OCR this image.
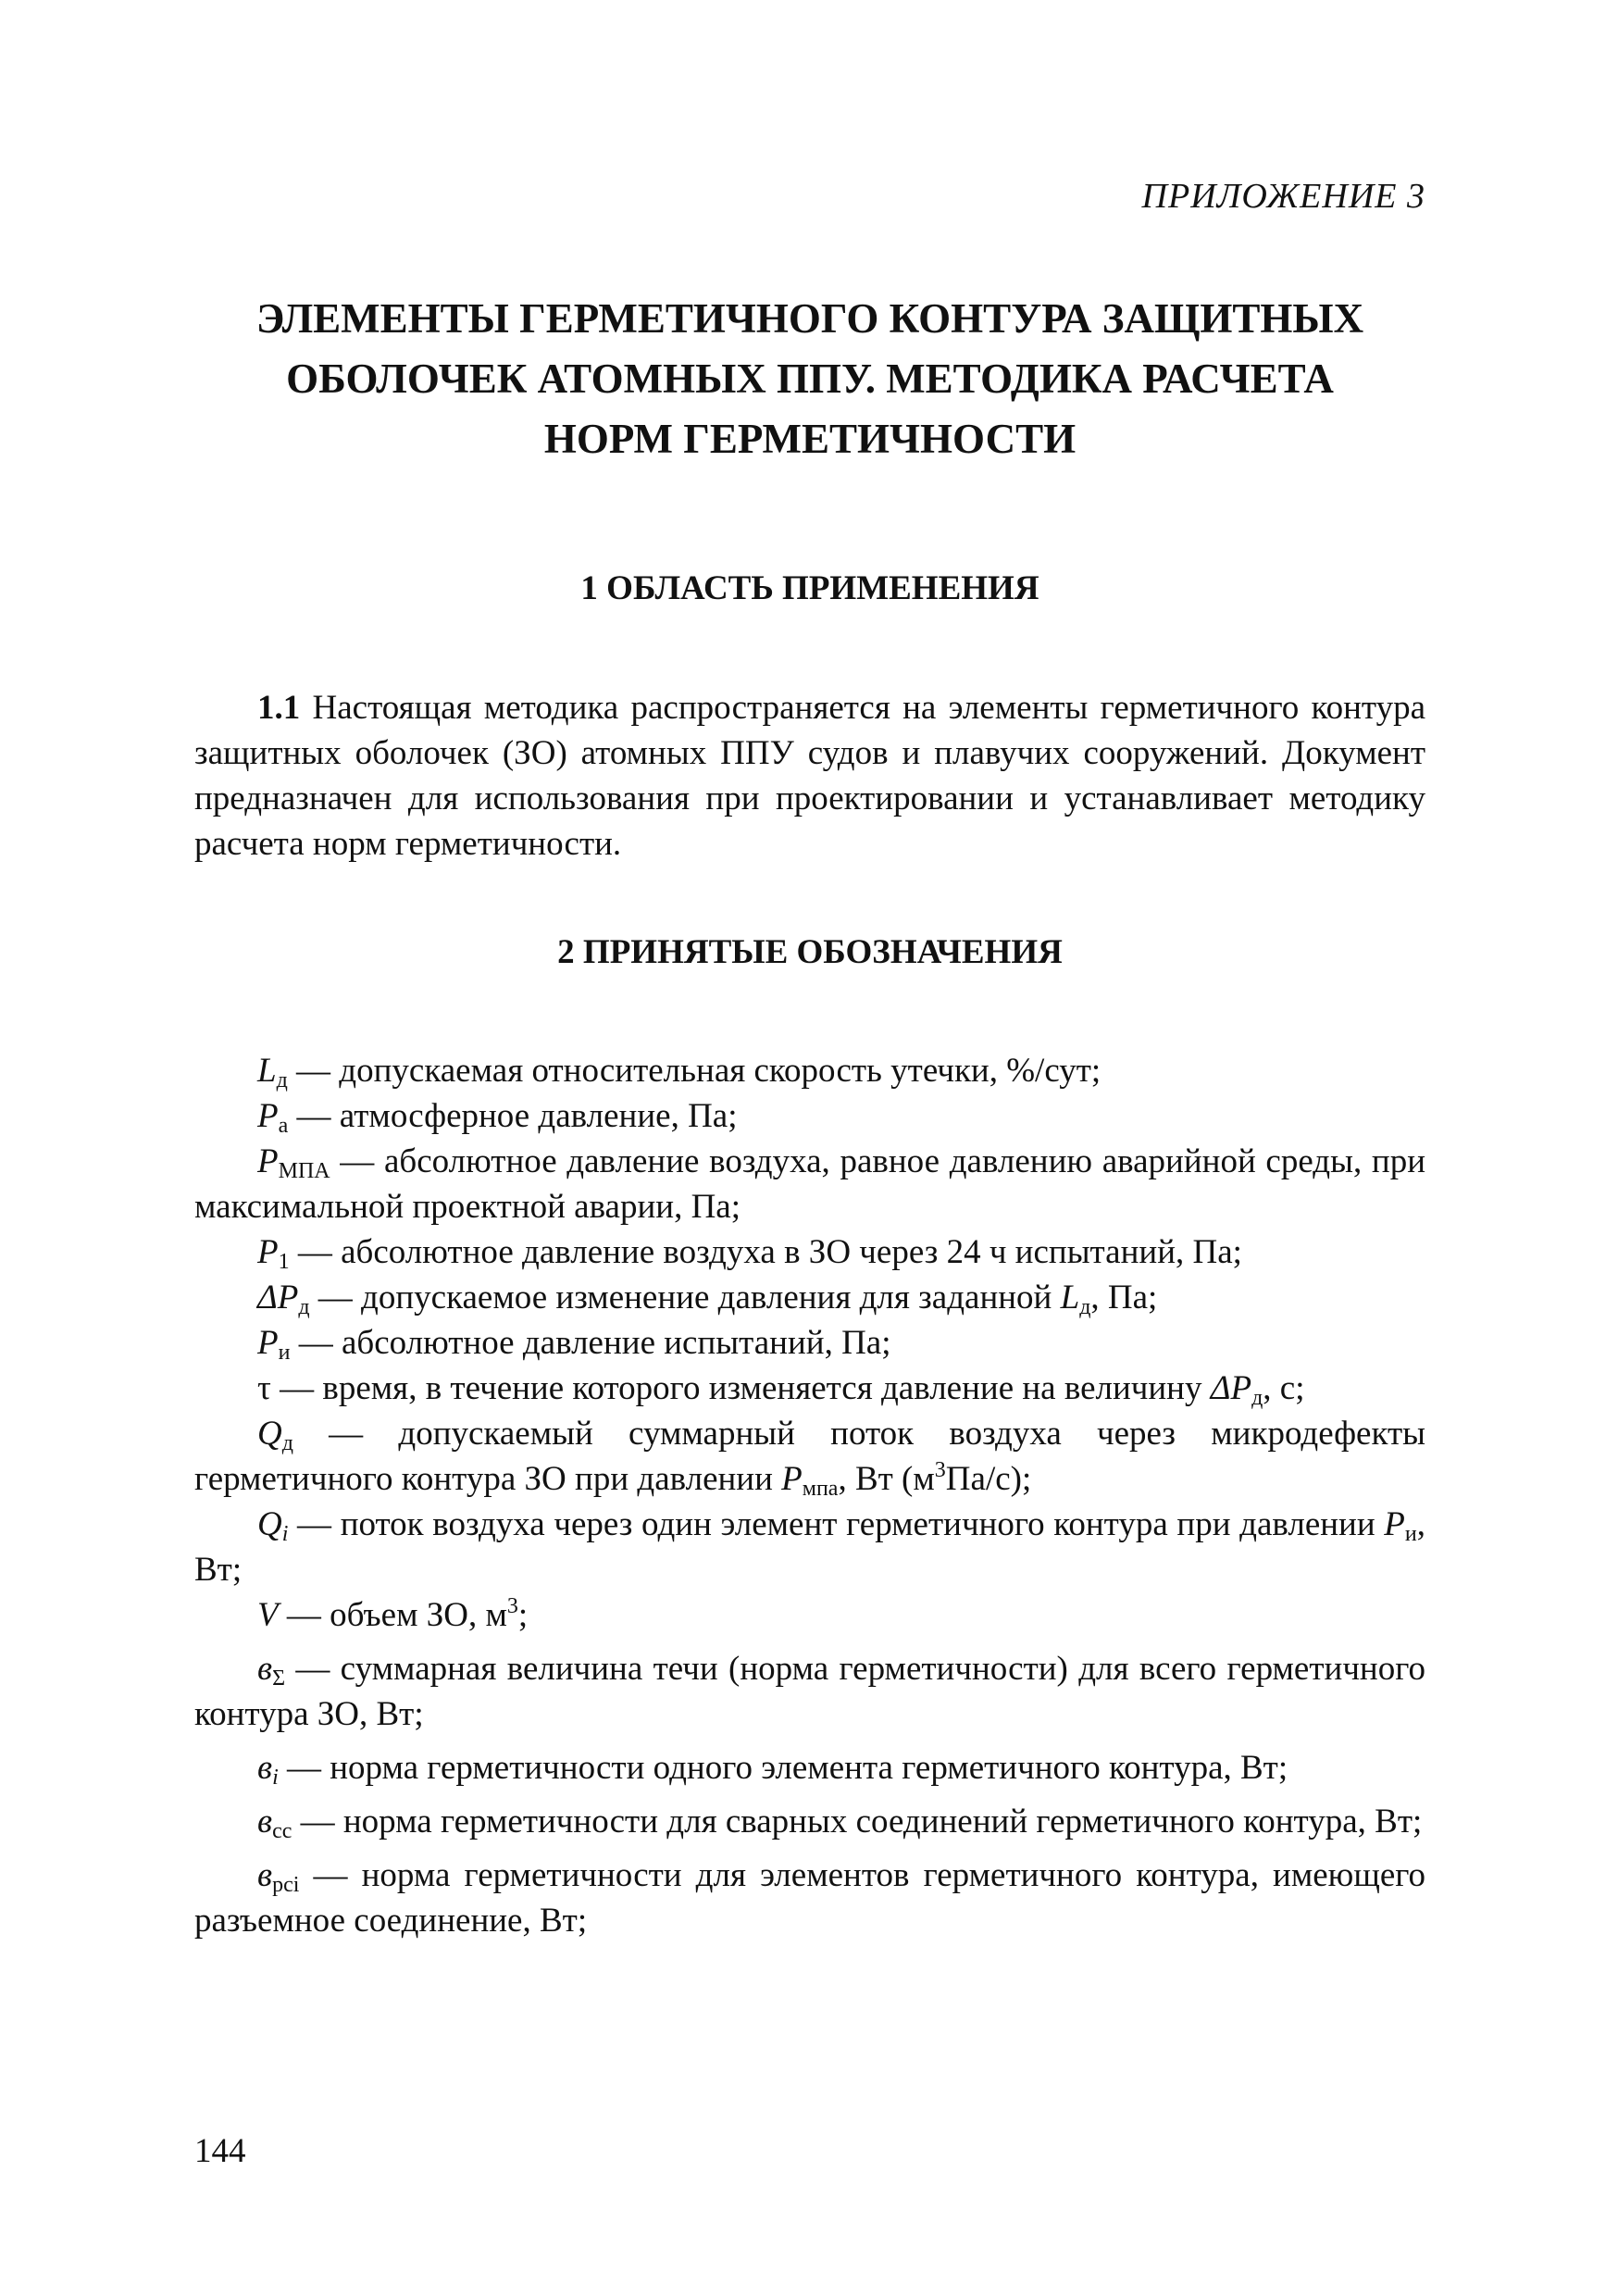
ПРИЛОЖЕНИЕ 3
ЭЛЕМЕНТЫ ГЕРМЕТИЧНОГО КОНТУРА ЗАЩИТНЫХ
ОБОЛОЧЕК АТОМНЫХ ППУ. МЕТОДИКА РАСЧЕТА
НОРМ ГЕРМЕТИЧНОСТИ
1 ОБЛАСТЬ ПРИМЕНЕНИЯ

1.1 Настоящая методика распространяется на элементы герметичного контура защитных оболочек (ЗО) атомных ППУ судов и плавучих сооружений. Документ предназначен для использования при проектировании и устанавливает методику расчета норм герметичности.

2 ПРИНЯТЫЕ ОБОЗНАЧЕНИЯ

$L_д$ — допускаемая относительная скорость утечки, %/сут;

$P_а$ — атмосферное давление, Па;

$P_{МПА}$ — абсолютное давление воздуха, равное давлению аварийной среды, при максимальной проектной аварии, Па;

$P_1$ — абсолютное давление воздуха в ЗО через 24 ч испытаний, Па;

$\Delta P_д$ — допускаемое изменение давления для заданной $L_д$, Па;

$P_и$ — абсолютное давление испытаний, Па;

τ — время, в течение которого изменяется давление на величину $\Delta P_д$, с;

$Q_д$ — допускаемый суммарный поток воздуха через микродефекты герметичного контура ЗО при давлении $P_{мпа}$, Вт $(м^3Па/с)$;

$Q_i$ — поток воздуха через один элемент герметичного контура при давлении $P_и$, Вт;

V — объем ЗО, $м^3$;

$в_\Sigma$ — суммарная величина течи (норма герметичности) для всего герметичного контура ЗО, Вт;

$в_i$ — норма герметичности одного элемента герметичного контура, Вт;

$в_{сс}$ — норма герметичности для сварных соединений герметичного контура, Вт;

$в_{рсi}$ — норма герметичности для элементов герметичного контура, имеющего разъемное соединение, Вт;

144
